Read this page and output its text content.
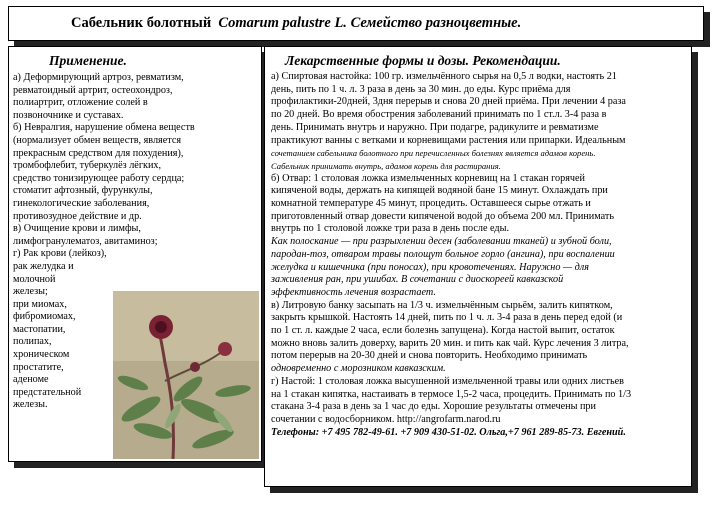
Сабельник болотный Comarum palustre L. Семейство разноцветные.
Применение.

а) Деформирующий артроз, ревматизм,

ревматоидный артрит, остеохондроз,

полиартрит, отложение солей в

позвоночнике и суставах.

б) Невралгия, нарушение обмена веществ

(нормализует обмен веществ, является

прекрасным средством для похудения),

тромбофлебит, туберкулёз лёгких,

средство тонизирующее работу сердца;

стоматит афтозный, фурункулы,

гинекологические заболевания,

противозудное действие и др.

в) Очищение крови и лимфы,

лимфогранулематоз, авитаминоз;

г) Рак крови (лейкоз),

рак желудка и

молочной

железы;

при миомах,

фибромиомах,

мастопатии,

полипах,

хроническом

простатите,

аденоме

предстательной

железы.

Лекарственные формы и дозы. Рекомендации.

а) Спиртовая настойка: 100 гр. измельчённого сырья на 0,5 л водки, настоять 21

день, пить по 1 ч. л. 3 раза в день за 30 мин. до еды. Курс приёма для

профилактики-20дней, 3дня перерыв и снова 20 дней приёма. При лечении 4 раза

по 20 дней. Во время обострения заболеваний принимать по 1 ст.л. 3-4 раза в

день. Принимать внутрь и наружно. При подагре, радикулите и ревматизме

практикуют ванны с ветками и корневищами растения или припарки. Идеальным

сочетанием сабельника болотного при перечисленных болезнях является адамов корень.

Сабельник принимать внутрь, адамов корень для растирания.

б) Отвар: 1 столовая ложка измельченных корневищ на 1 стакан горячей

кипяченой воды, держать на кипящей водяной бане 15 минут. Охлаждать при

комнатной температуре 45 минут, процедить. Оставшееся сырье отжать и

приготовленный отвар довести кипяченой водой до объема 200 мл. Принимать

внутрь по 1 столовой ложке три раза в день после еды.

Как полоскание — при разрыхлении десен (заболевании тканей) и зубной боли,

пародан-тоз, отваром травы полощут больное горло (ангина), при воспалении

желудка и кишечника (при поносах), при кровотечениях. Наружно — для

заживления ран, при ушибах. В сочетании с диоскореей кавказской

эффективность лечения возрастает.

в) Литровую банку засыпать на 1/3 ч. измельчённым сырьём, залить кипятком,

закрыть крышкой. Настоять 14 дней, пить по 1 ч. л. 3-4 раза в день перед едой (и

по 1 ст. л. каждые 2 часа, если болезнь запущена). Когда настой выпит, остаток

можно вновь залить доверху, варить 20 мин. и пить как чай. Курс лечения 3 литра,

потом перерыв на 20-30 дней и снова повторить. Необходимо принимать

одновременно с морозником кавказским.

г) Настой: 1 столовая ложка высушенной измельченной травы или одних листьев

на 1 стакан кипятка, настаивать в термосе 1,5-2 часа, процедить. Принимать по 1/3

стакана 3-4 раза в день за 1 час до еды. Хорошие результаты отмечены при

сочетании с водосборником. http://angrofarm.narod.ru

Телефоны: +7 495 782-49-61. +7 909 430-51-02. Ольга,+7 961 289-85-73. Евгений.
